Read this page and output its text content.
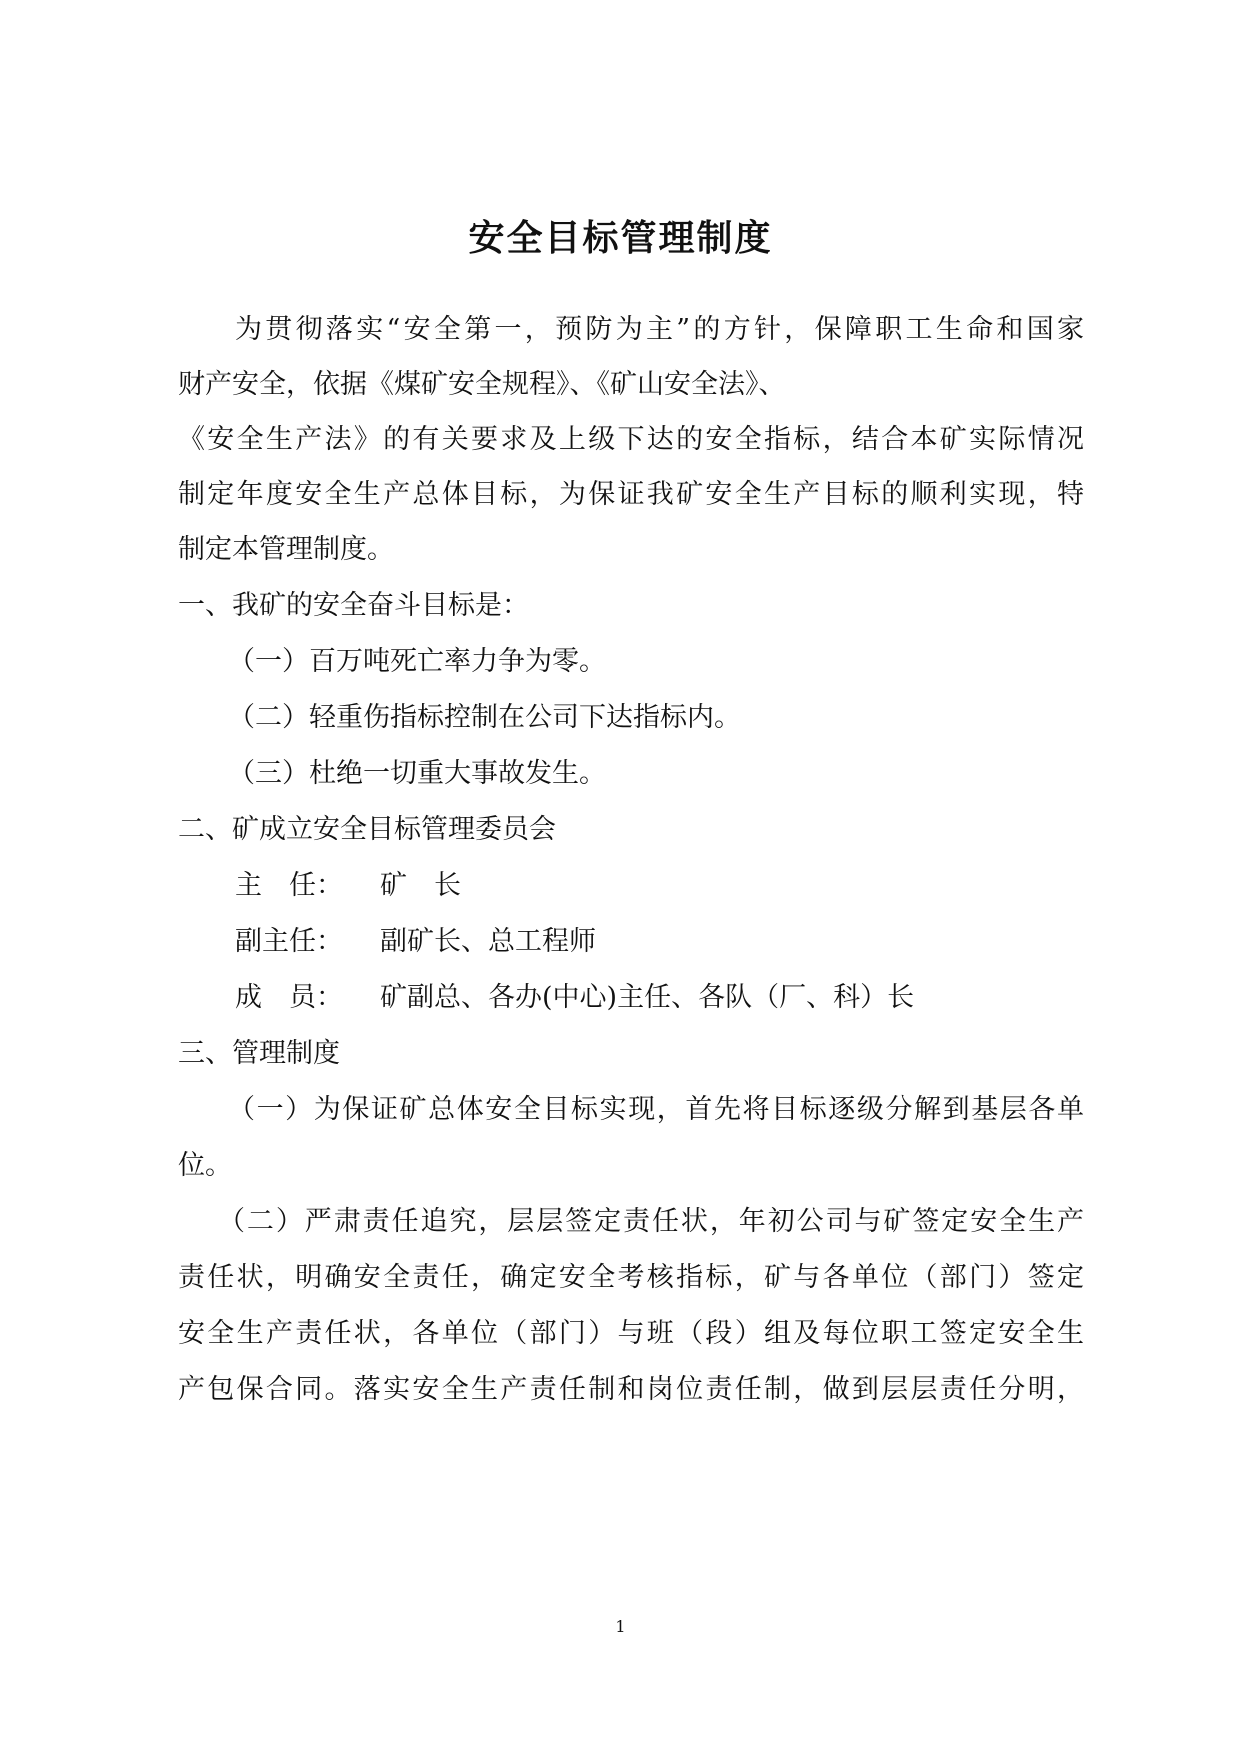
安全目标管理制度

为贯彻落实“安全第一，预防为主”的方针，保障职工生命和国家

财产安全，依据《煤矿安全规程》、《矿山安全法》、

《安全生产法》的有关要求及上级下达的安全指标，结合本矿实际情况

制定年度安全生产总体目标，为保证我矿安全生产目标的顺利实现，特

制定本管理制度。

一、我矿的安全奋斗目标是：

（一）百万吨死亡率力争为零。

（二）轻重伤指标控制在公司下达指标内。

（三）杜绝一切重大事故发生。

二、矿成立安全目标管理委员会

主　任： 矿　长
副主任： 副矿长、总工程师
成　员： 矿副总、各办(中心)主任、各队（厂、科）长

三、管理制度

（一）为保证矿总体安全目标实现，首先将目标逐级分解到基层各单

位。

（二）严肃责任追究，层层签定责任状，年初公司与矿签定安全生产

责任状，明确安全责任，确定安全考核指标，矿与各单位（部门）签定

安全生产责任状，各单位（部门）与班（段）组及每位职工签定安全生

产包保合同。落实安全生产责任制和岗位责任制，做到层层责任分明，

1
